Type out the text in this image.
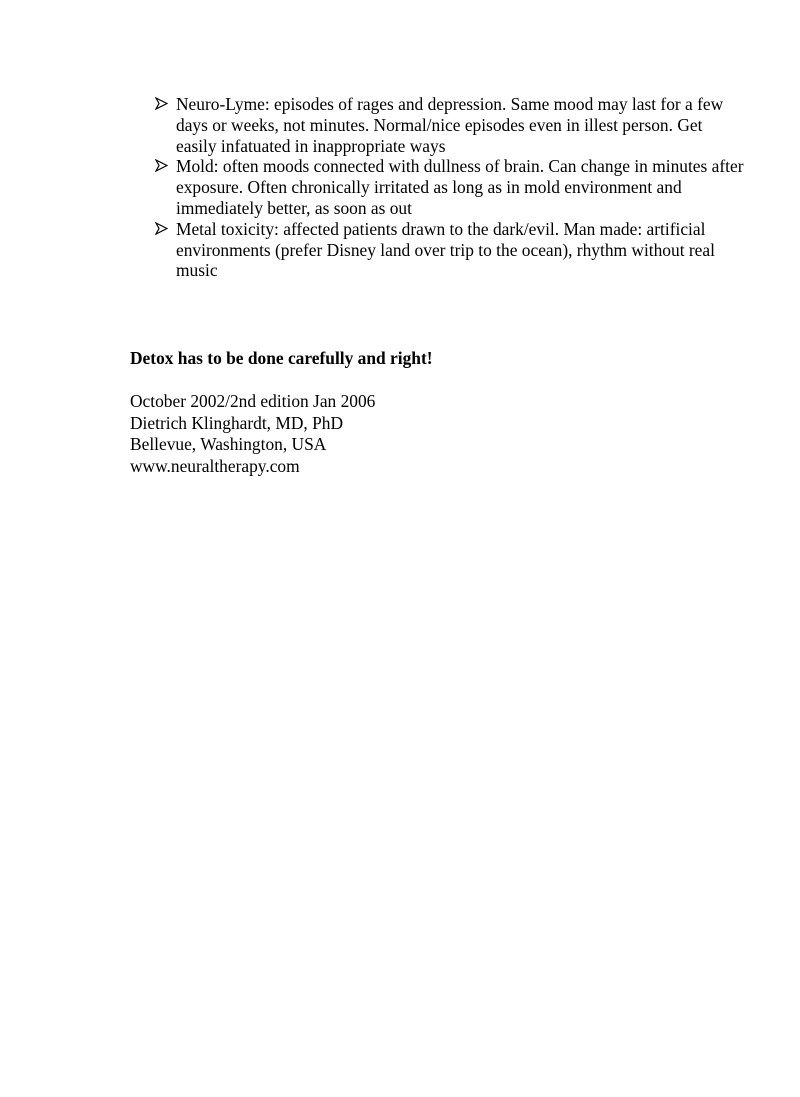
Neuro-Lyme: episodes of rages and depression. Same mood may last for a few days or weeks, not minutes. Normal/nice episodes even in illest person. Get easily infatuated in inappropriate ways
Mold: often moods connected with dullness of brain. Can change in minutes after exposure. Often chronically irritated as long as in mold environment and immediately better, as soon as out
Metal toxicity: affected patients drawn to the dark/evil. Man made: artificial environments (prefer Disney land over trip to the ocean), rhythm without real music
Detox has to be done carefully and right!
October 2002/2nd edition Jan 2006
Dietrich Klinghardt, MD, PhD
Bellevue, Washington, USA
www.neuraltherapy.com
